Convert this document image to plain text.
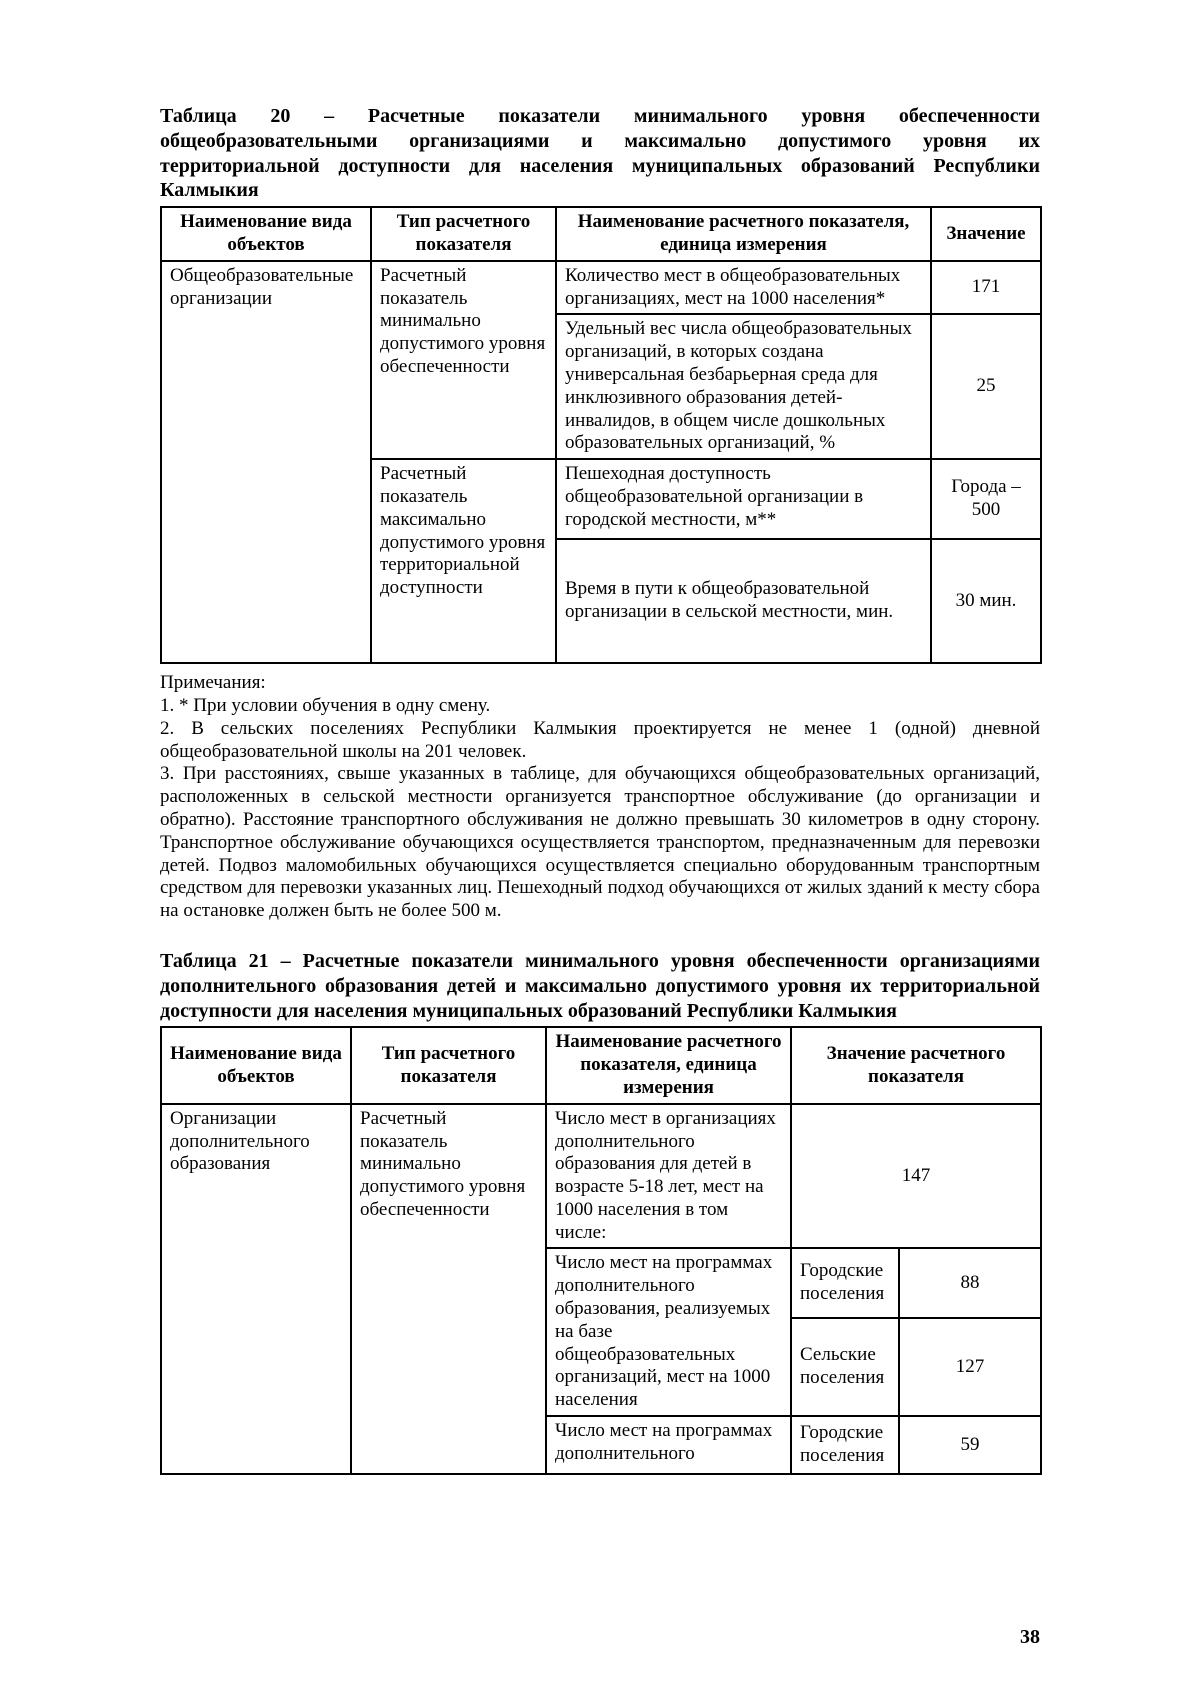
Таблица 20 – Расчетные показатели минимального уровня обеспеченности общеобразовательными организациями и максимально допустимого уровня их территориальной доступности для населения муниципальных образований Республики Калмыкия

Наименование вида объектов	Тип расчетного показателя	Наименование расчетного показателя, единица измерения	Значение
Общеобразовательные организации	Расчетный показатель минимально допустимого уровня обеспеченности	Количество мест в общеобразовательных организациях, мест на 1000 населения*	171
		Удельный вес числа общеобразовательных организаций, в которых создана универсальная безбарьерная среда для инклюзивного образования детей-инвалидов, в общем числе дошкольных образовательных организаций, %	25
	Расчетный показатель максимально допустимого уровня территориальной доступности	Пешеходная доступность общеобразовательной организации в городской местности, м**	Города – 500
		Время в пути к общеобразовательной организации в сельской местности, мин.	30 мин.

Примечания:

1. * При условии обучения в одну смену.

2. В сельских поселениях Республики Калмыкия проектируется не менее 1 (одной) дневной общеобразовательной школы на 201 человек.

3. При расстояниях, свыше указанных в таблице, для обучающихся общеобразовательных организаций, расположенных в сельской местности организуется транспортное обслуживание (до организации и обратно). Расстояние транспортного обслуживания не должно превышать 30 километров в одну сторону. Транспортное обслуживание обучающихся осуществляется транспортом, предназначенным для перевозки детей. Подвоз маломобильных обучающихся осуществляется специально оборудованным транспортным средством для перевозки указанных лиц. Пешеходный подход обучающихся от жилых зданий к месту сбора на остановке должен быть не более 500 м.

Таблица 21 – Расчетные показатели минимального уровня обеспеченности организациями дополнительного образования детей и максимально допустимого уровня их территориальной доступности для населения муниципальных образований Республики Калмыкия

Наименование вида объектов	Тип расчетного показателя	Наименование расчетного показателя, единица измерения	Значение расчетного показателя	
Организации дополнительного образования	Расчетный показатель минимально допустимого уровня обеспеченности	Число мест в организациях дополнительного образования для детей в возрасте 5-18 лет, мест на 1000 населения в том числе:	147	
		Число мест на программах дополнительного образования, реализуемых на базе общеобразовательных организаций, мест на 1000 населения	Городские поселения	88
			Сельские поселения	127
		Число мест на программах дополнительного	Городские поселения	59
38
